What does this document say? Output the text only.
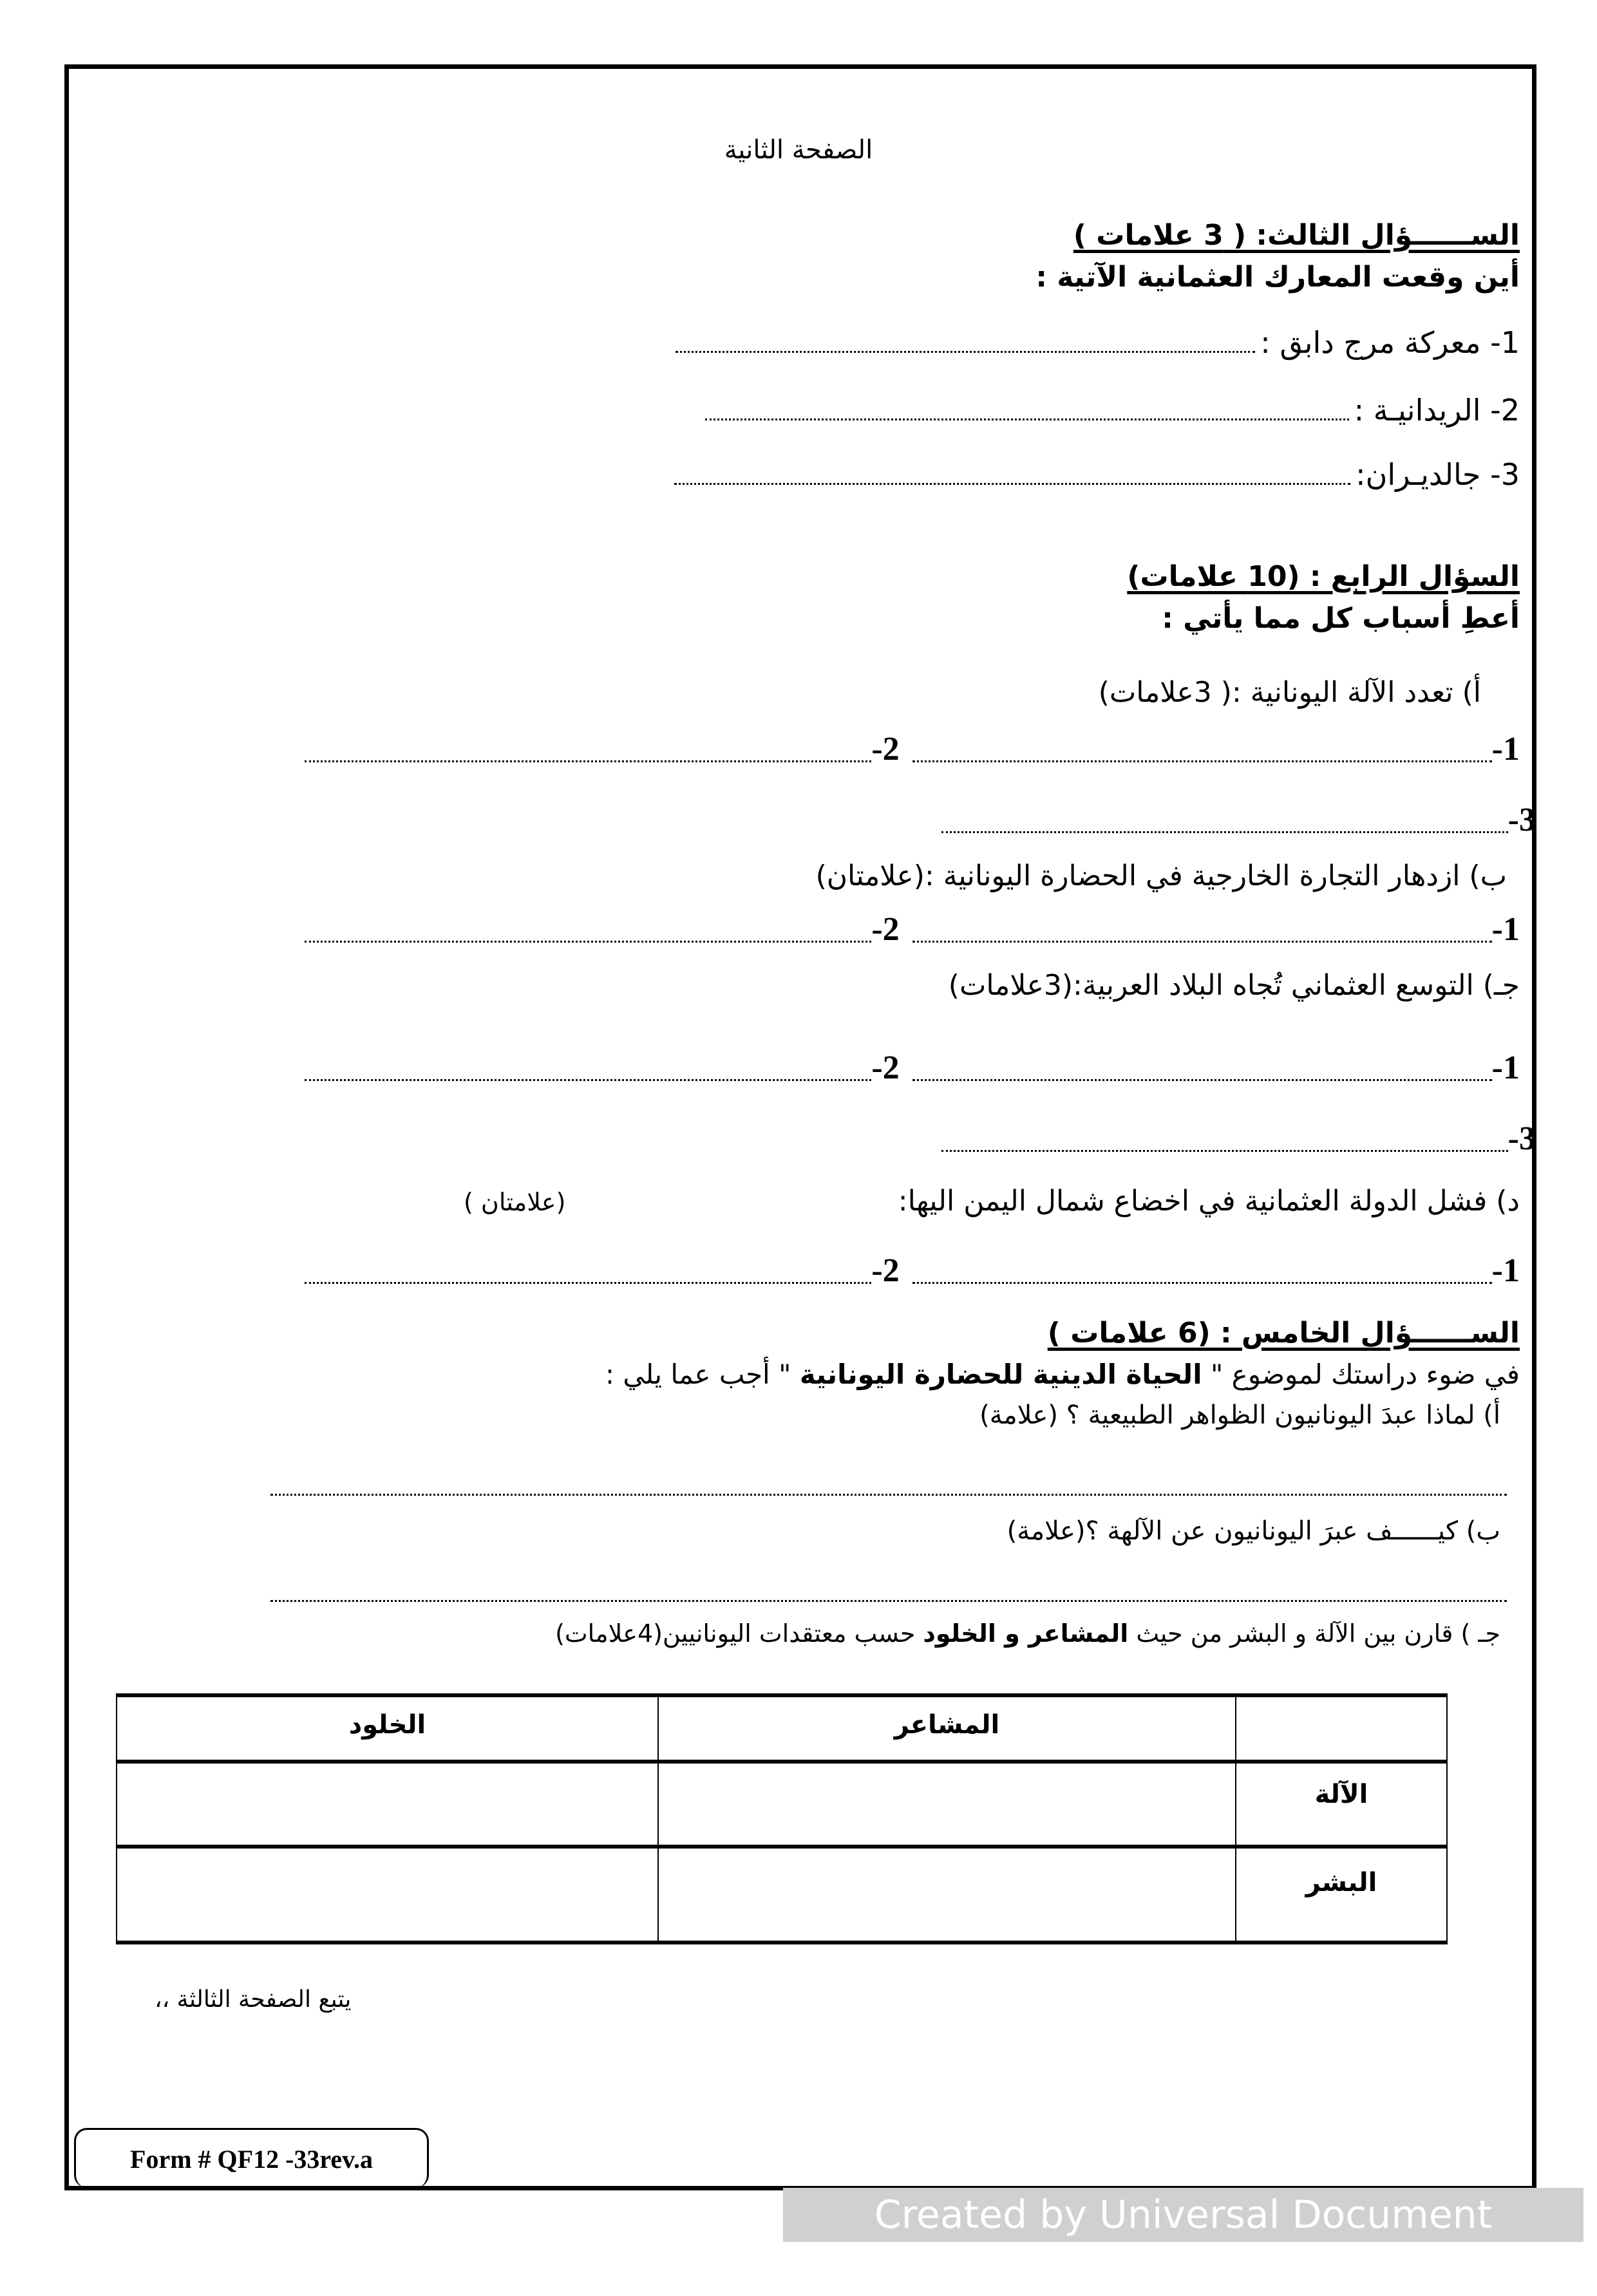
الصفحة الثانية
الســــــؤال الثالث: ( 3 علامات )
أين وقعت المعارك العثمانية الآتية :
1- معركة مرج دابق :
2- الريدانيـة :
3- جالديـران:
السؤال الرابع : (10 علامات)
أعطِ أسباب كل مما يأتي :
أ) تعدد الآلة اليونانية :( 3علامات)
1-
2-
3-
ب) ازدهار التجارة الخارجية في الحضارة اليونانية :(علامتان)
1-
2-
جـ) التوسع العثماني تُجاه البلاد العربية:(3علامات)
1-
2-
3-
د) فشل الدولة العثمانية في اخضاع شمال اليمن اليها:
( علامتان)
1-
2-
الســــــؤال الخامس : (6 علامات )
في ضوء دراستك لموضوع " الحياة الدينية للحضارة اليونانية " أجب عما يلي :
أ) لماذا عبدَ اليونانيون الظواهر الطبيعية ؟ (علامة)
ب) كيــــــف عبرَ اليونانيون عن الآلهة ؟(علامة)
جـ ) قارن بين الآلة و البشر من حيث المشاعر و الخلود حسب معتقدات اليونانيين(4علامات)
	المشاعر	الخلود
الآلة		
البشر		
يتبع الصفحة الثالثة ،،
Form # QF12 -33rev.a
Created by Universal Document Converter
